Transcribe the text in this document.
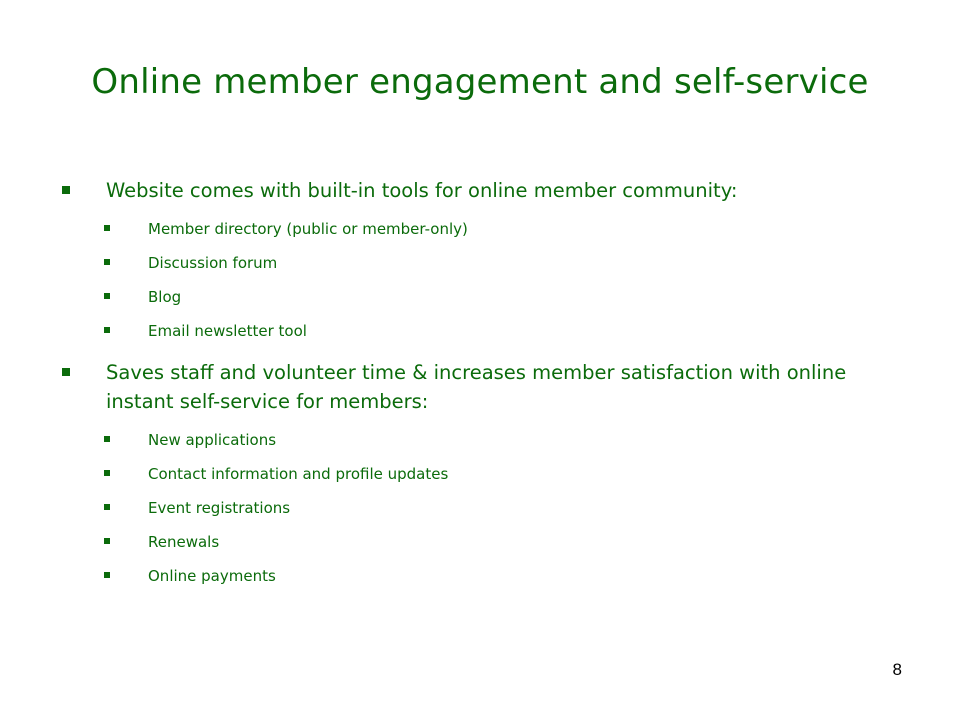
Online member engagement and self-service
Website comes with built-in tools for online member community:
Member directory (public or member-only)
Discussion forum
Blog
Email newsletter tool
Saves staff and volunteer time & increases member satisfaction with online instant self-service for members:
New applications
Contact information and profile updates
Event registrations
Renewals
Online payments
8
